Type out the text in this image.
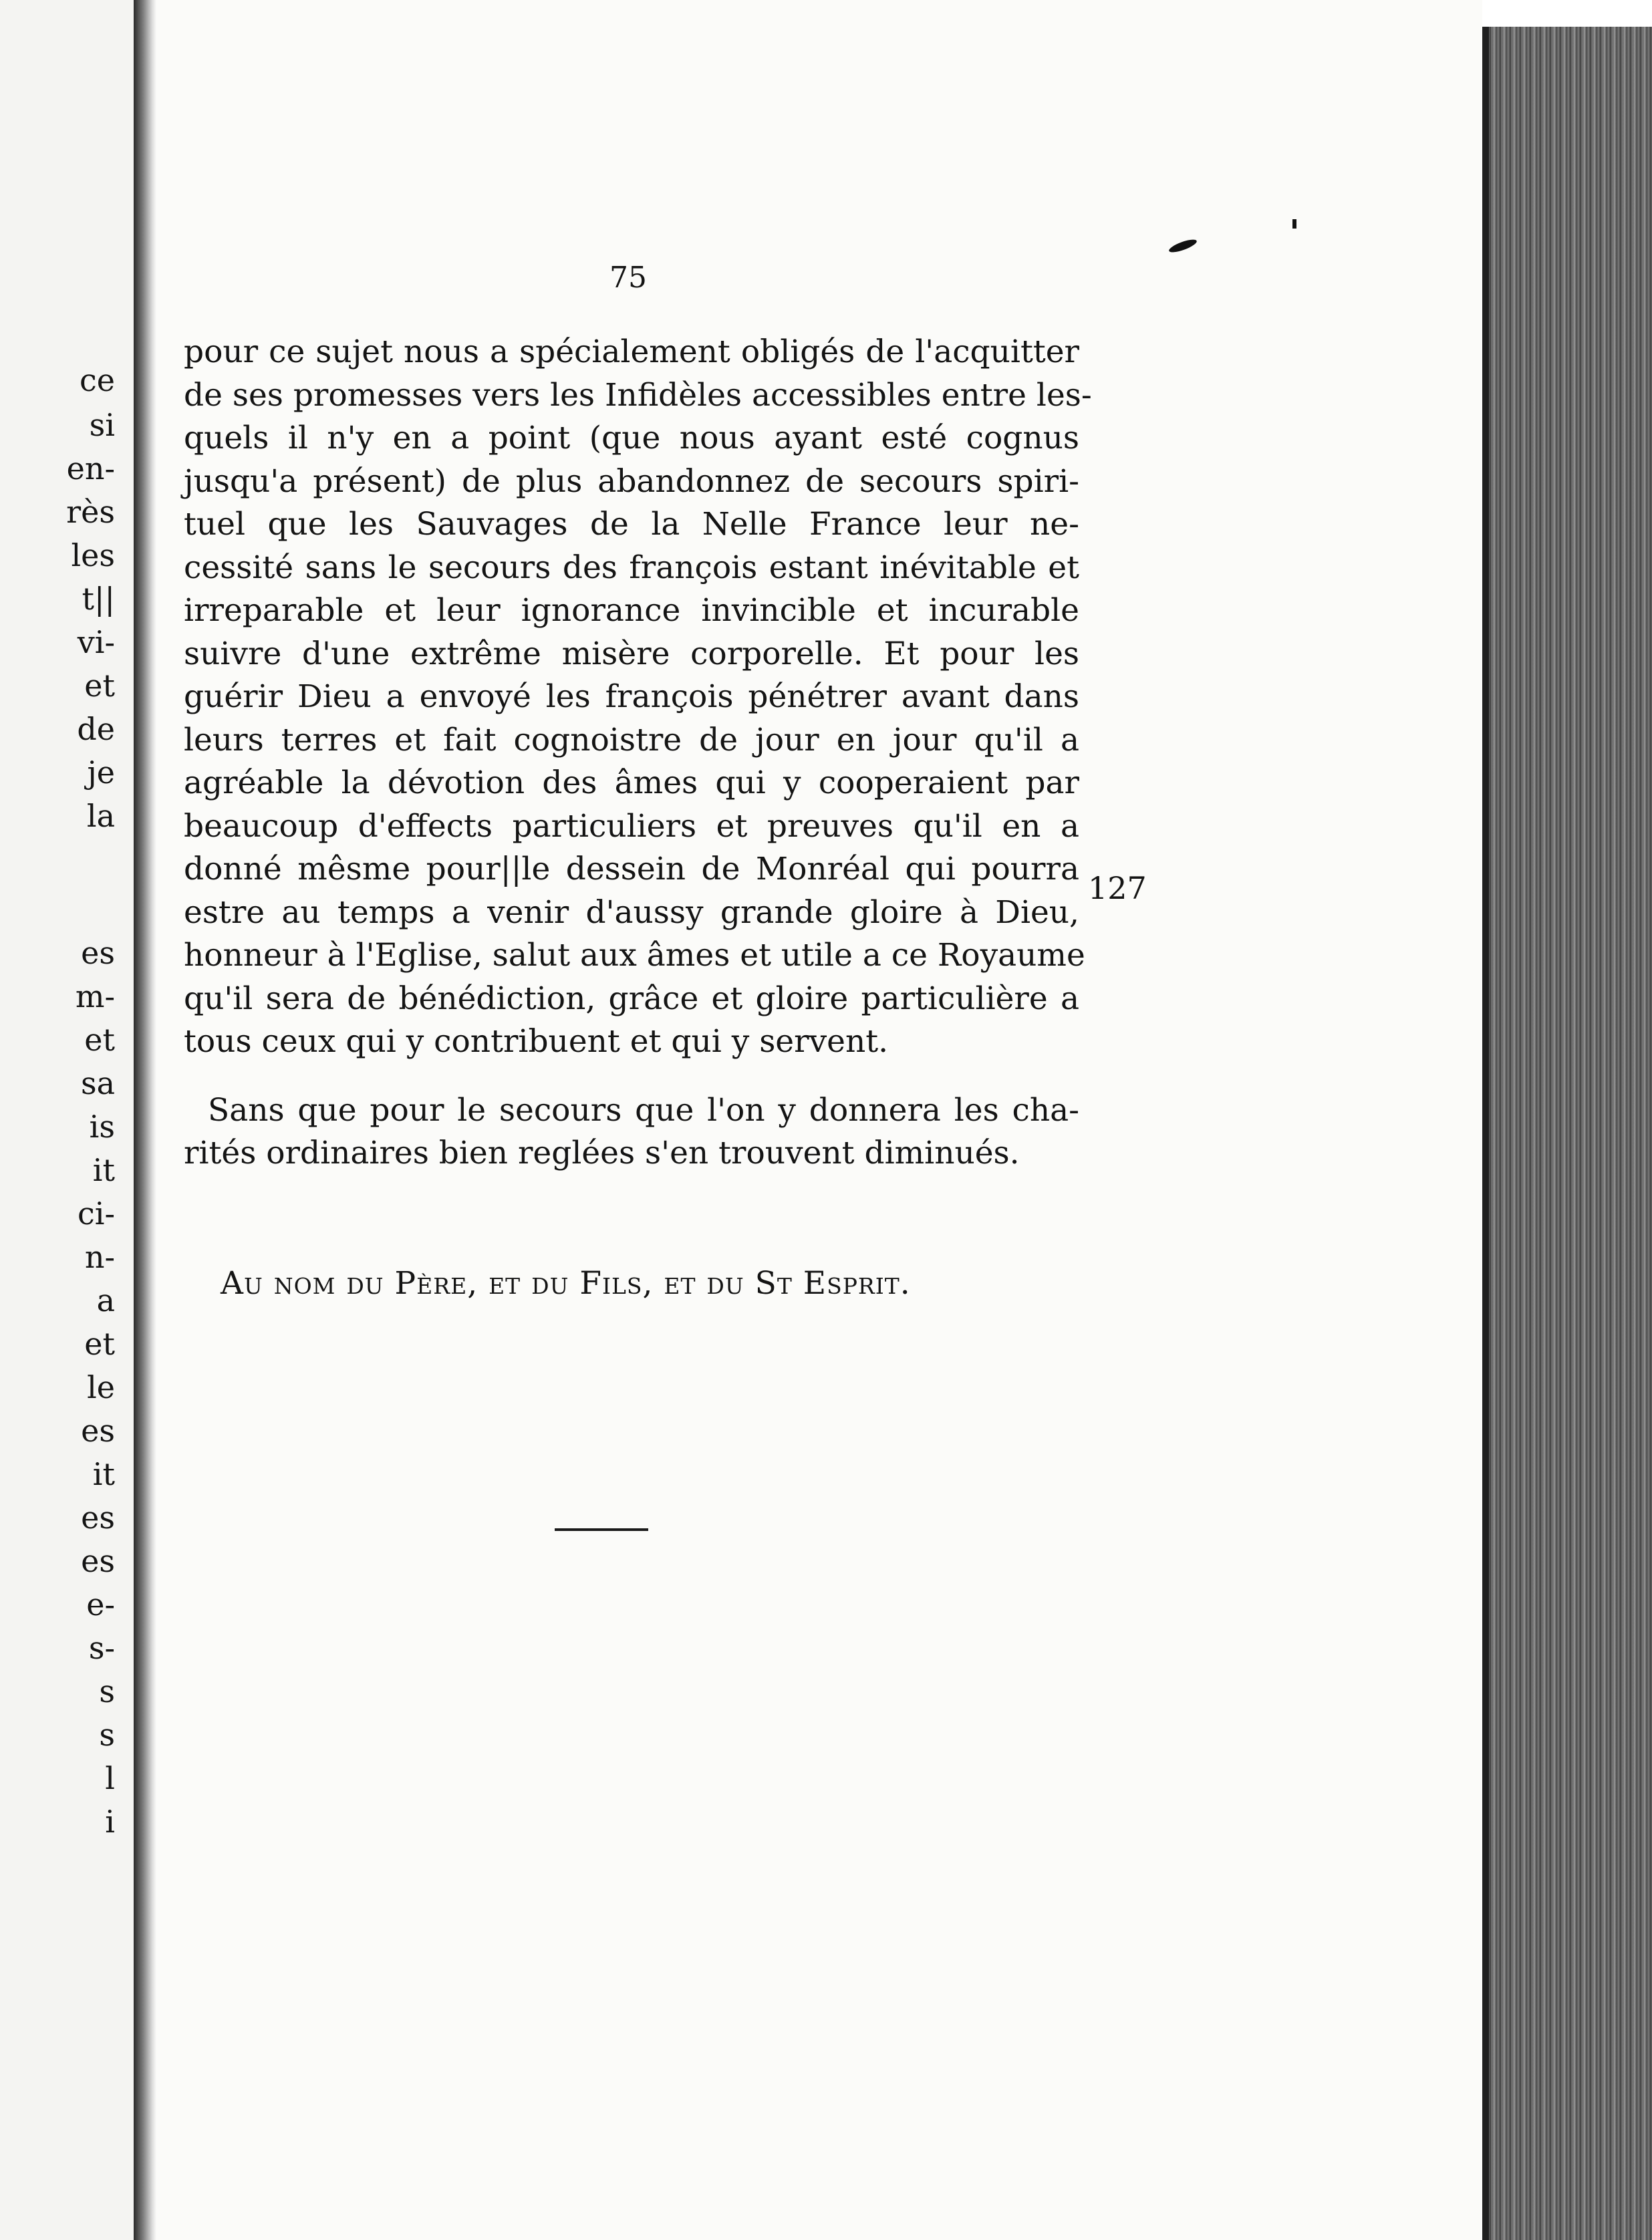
ce
si
en-
rès
les
t||
vi-
et
de
je
la
es
m-
et
sa
is
it
ci-
n-
a
et
le
es
it
es
es
e-
s-
s
s
l
i
75
pour ce sujet nous a spécialement obligés de l'acquitter
de ses promesses vers les Infidèles accessibles entre les-
quels il n'y en a point (que nous ayant esté cognus
jusqu'a présent) de plus abandonnez de secours spiri-
tuel que les Sauvages de la Nelle France leur ne-
cessité sans le secours des françois estant inévitable et
irreparable et leur ignorance invincible et incurable
suivre d'une extrême misère corporelle. Et pour les
guérir Dieu a envoyé les françois pénétrer avant dans
leurs terres et fait cognoistre de jour en jour qu'il a
agréable la dévotion des âmes qui y cooperaient par
beaucoup d'effects particuliers et preuves qu'il en a
donné mêsme pour||le dessein de Monréal qui pourra
estre au temps a venir d'aussy grande gloire à Dieu,
honneur à l'Eglise, salut aux âmes et utile a ce Royaume
qu'il sera de bénédiction, grâce et gloire particulière a
tous ceux qui y contribuent et qui y servent.
Sans que pour le secours que l'on y donnera les cha-
rités ordinaires bien reglées s'en trouvent diminués.
127
Au nom du Père, et du Fils, et du St Esprit.
